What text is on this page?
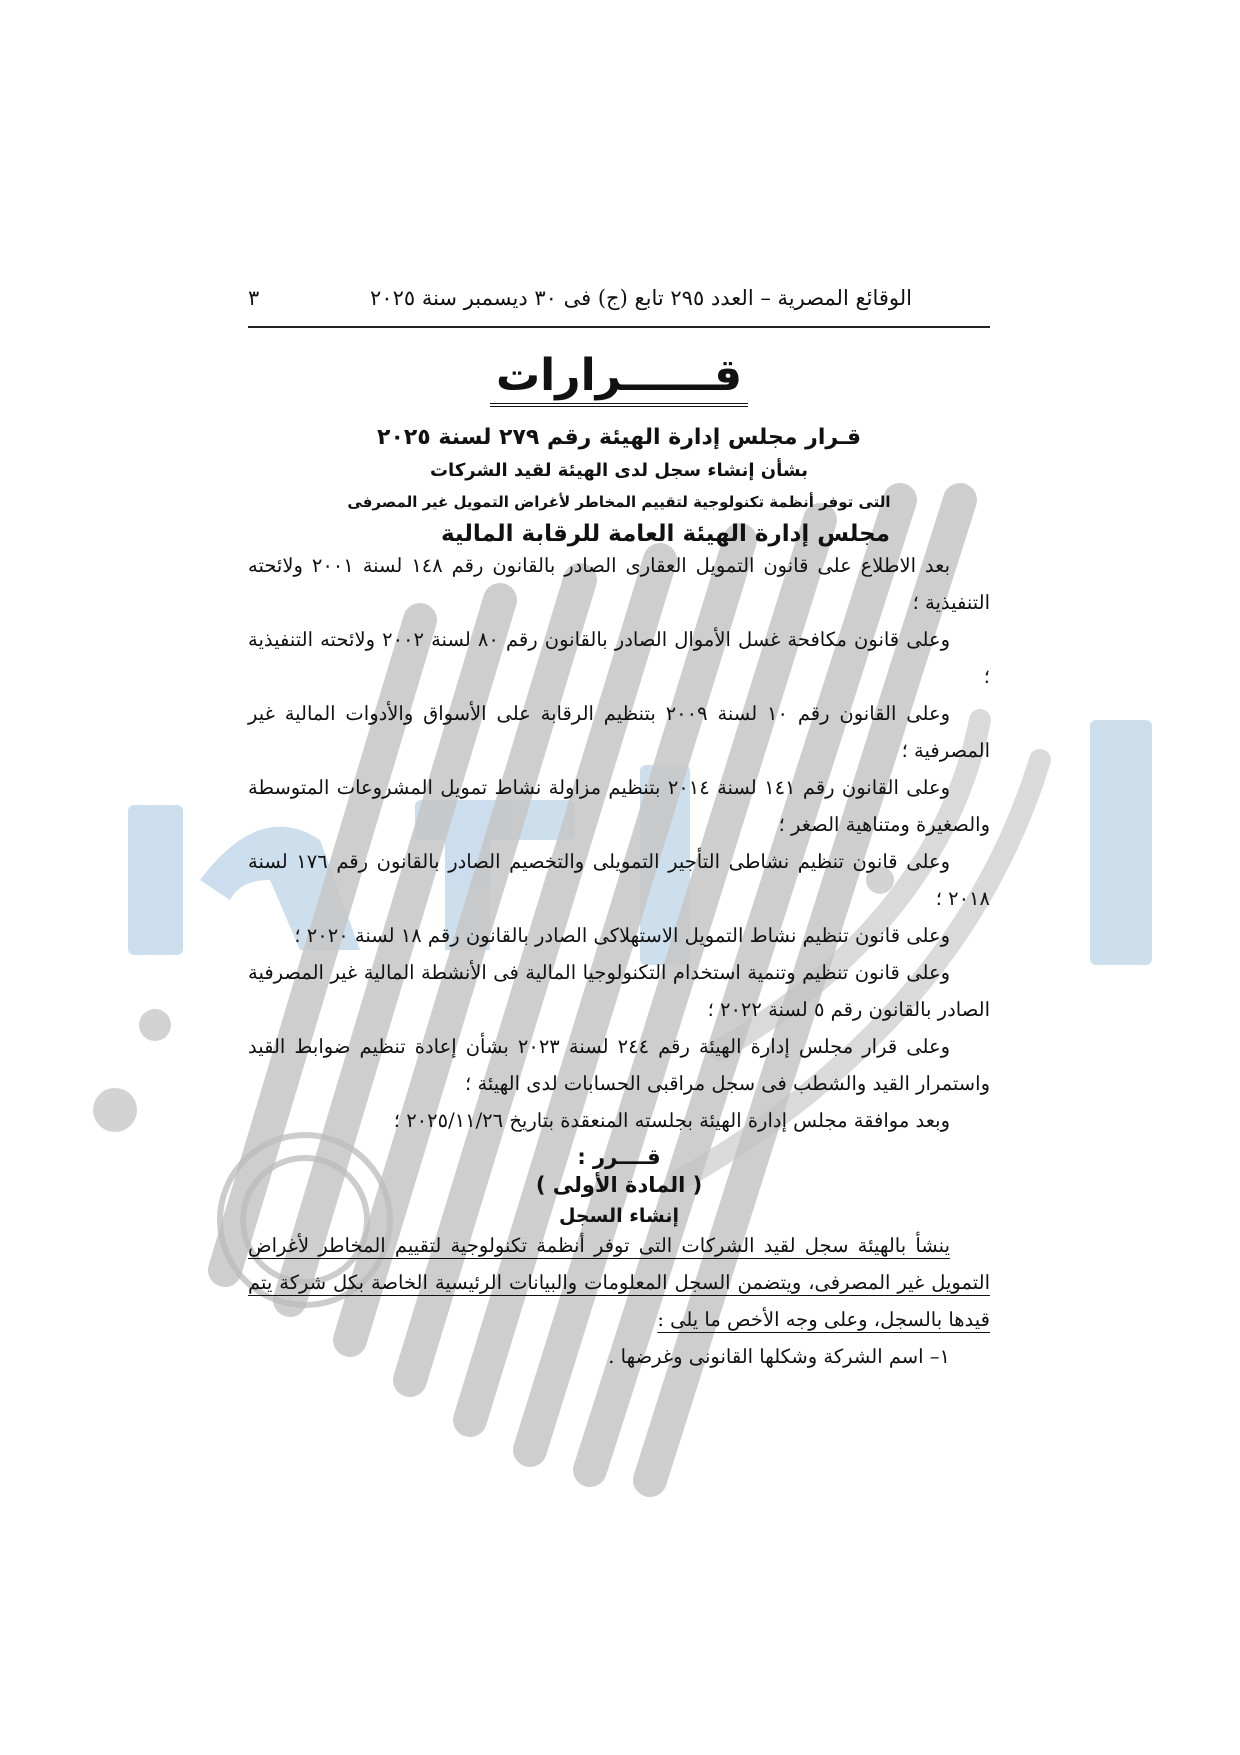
الوقائع المصرية – العدد ٢٩٥ تابع (ج) فى ٣٠ ديسمبر سنة ٢٠٢٥
٣
قــــــرارات
قـرار مجلس إدارة الهيئة رقم ٢٧٩ لسنة ٢٠٢٥
بشأن إنشاء سجل لدى الهيئة لقيد الشركات
التى توفر أنظمة تكنولوجية لتقييم المخاطر لأغراض التمويل غير المصرفى
مجلس إدارة الهيئة العامة للرقابة المالية
بعد الاطلاع على قانون التمويل العقارى الصادر بالقانون رقم ١٤٨ لسنة ٢٠٠١ ولائحته التنفيذية ؛
وعلى قانون مكافحة غسل الأموال الصادر بالقانون رقم ٨٠ لسنة ٢٠٠٢ ولائحته التنفيذية ؛
وعلى القانون رقم ١٠ لسنة ٢٠٠٩ بتنظيم الرقابة على الأسواق والأدوات المالية غير المصرفية ؛
وعلى القانون رقم ١٤١ لسنة ٢٠١٤ بتنظيم مزاولة نشاط تمويل المشروعات المتوسطة والصغيرة ومتناهية الصغر ؛
وعلى قانون تنظيم نشاطى التأجير التمويلى والتخصيم الصادر بالقانون رقم ١٧٦ لسنة ٢٠١٨ ؛
وعلى قانون تنظيم نشاط التمويل الاستهلاكى الصادر بالقانون رقم ١٨ لسنة ٢٠٢٠ ؛
وعلى قانون تنظيم وتنمية استخدام التكنولوجيا المالية فى الأنشطة المالية غير المصرفية الصادر بالقانون رقم ٥ لسنة ٢٠٢٢ ؛
وعلى قرار مجلس إدارة الهيئة رقم ٢٤٤ لسنة ٢٠٢٣ بشأن إعادة تنظيم ضوابط القيد واستمرار القيد والشطب فى سجل مراقبى الحسابات لدى الهيئة ؛
وبعد موافقة مجلس إدارة الهيئة بجلسته المنعقدة بتاريخ ٢٠٢٥/١١/٢٦ ؛
قــــرر :
( المادة الأولى )
إنشاء السجل
ينشأ بالهيئة سجل لقيد الشركات التى توفر أنظمة تكنولوجية لتقييم المخاطر لأغراض التمويل غير المصرفى، ويتضمن السجل المعلومات والبيانات الرئيسية الخاصة بكل شركة يتم قيدها بالسجل، وعلى وجه الأخص ما يلى :
١– اسم الشركة وشكلها القانونى وغرضها .
